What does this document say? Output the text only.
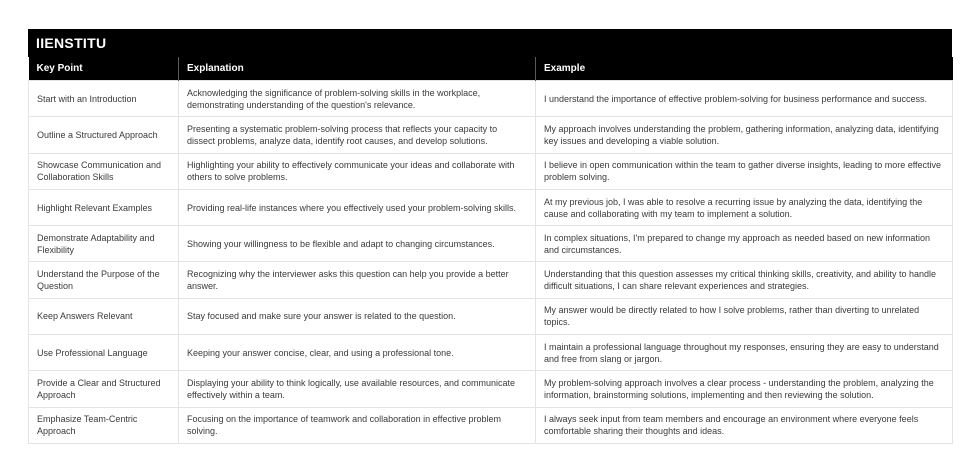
IIENSTITU
Key Point	Explanation	Example
Start with an Introduction	Acknowledging the significance of problem-solving skills in the workplace, demonstrating understanding of the question's relevance.	I understand the importance of effective problem-solving for business performance and success.
Outline a Structured Approach	Presenting a systematic problem-solving process that reflects your capacity to dissect problems, analyze data, identify root causes, and develop solutions.	My approach involves understanding the problem, gathering information, analyzing data, identifying key issues and developing a viable solution.
Showcase Communication and Collaboration Skills	Highlighting your ability to effectively communicate your ideas and collaborate with others to solve problems.	I believe in open communication within the team to gather diverse insights, leading to more effective problem solving.
Highlight Relevant Examples	Providing real-life instances where you effectively used your problem-solving skills.	At my previous job, I was able to resolve a recurring issue by analyzing the data, identifying the cause and collaborating with my team to implement a solution.
Demonstrate Adaptability and Flexibility	Showing your willingness to be flexible and adapt to changing circumstances.	In complex situations, I'm prepared to change my approach as needed based on new information and circumstances.
Understand the Purpose of the Question	Recognizing why the interviewer asks this question can help you provide a better answer.	Understanding that this question assesses my critical thinking skills, creativity, and ability to handle difficult situations, I can share relevant experiences and strategies.
Keep Answers Relevant	Stay focused and make sure your answer is related to the question.	My answer would be directly related to how I solve problems, rather than diverting to unrelated topics.
Use Professional Language	Keeping your answer concise, clear, and using a professional tone.	I maintain a professional language throughout my responses, ensuring they are easy to understand and free from slang or jargon.
Provide a Clear and Structured Approach	Displaying your ability to think logically, use available resources, and communicate effectively within a team.	My problem-solving approach involves a clear process - understanding the problem, analyzing the information, brainstorming solutions, implementing and then reviewing the solution.
Emphasize Team-Centric Approach	Focusing on the importance of teamwork and collaboration in effective problem solving.	I always seek input from team members and encourage an environment where everyone feels comfortable sharing their thoughts and ideas.
